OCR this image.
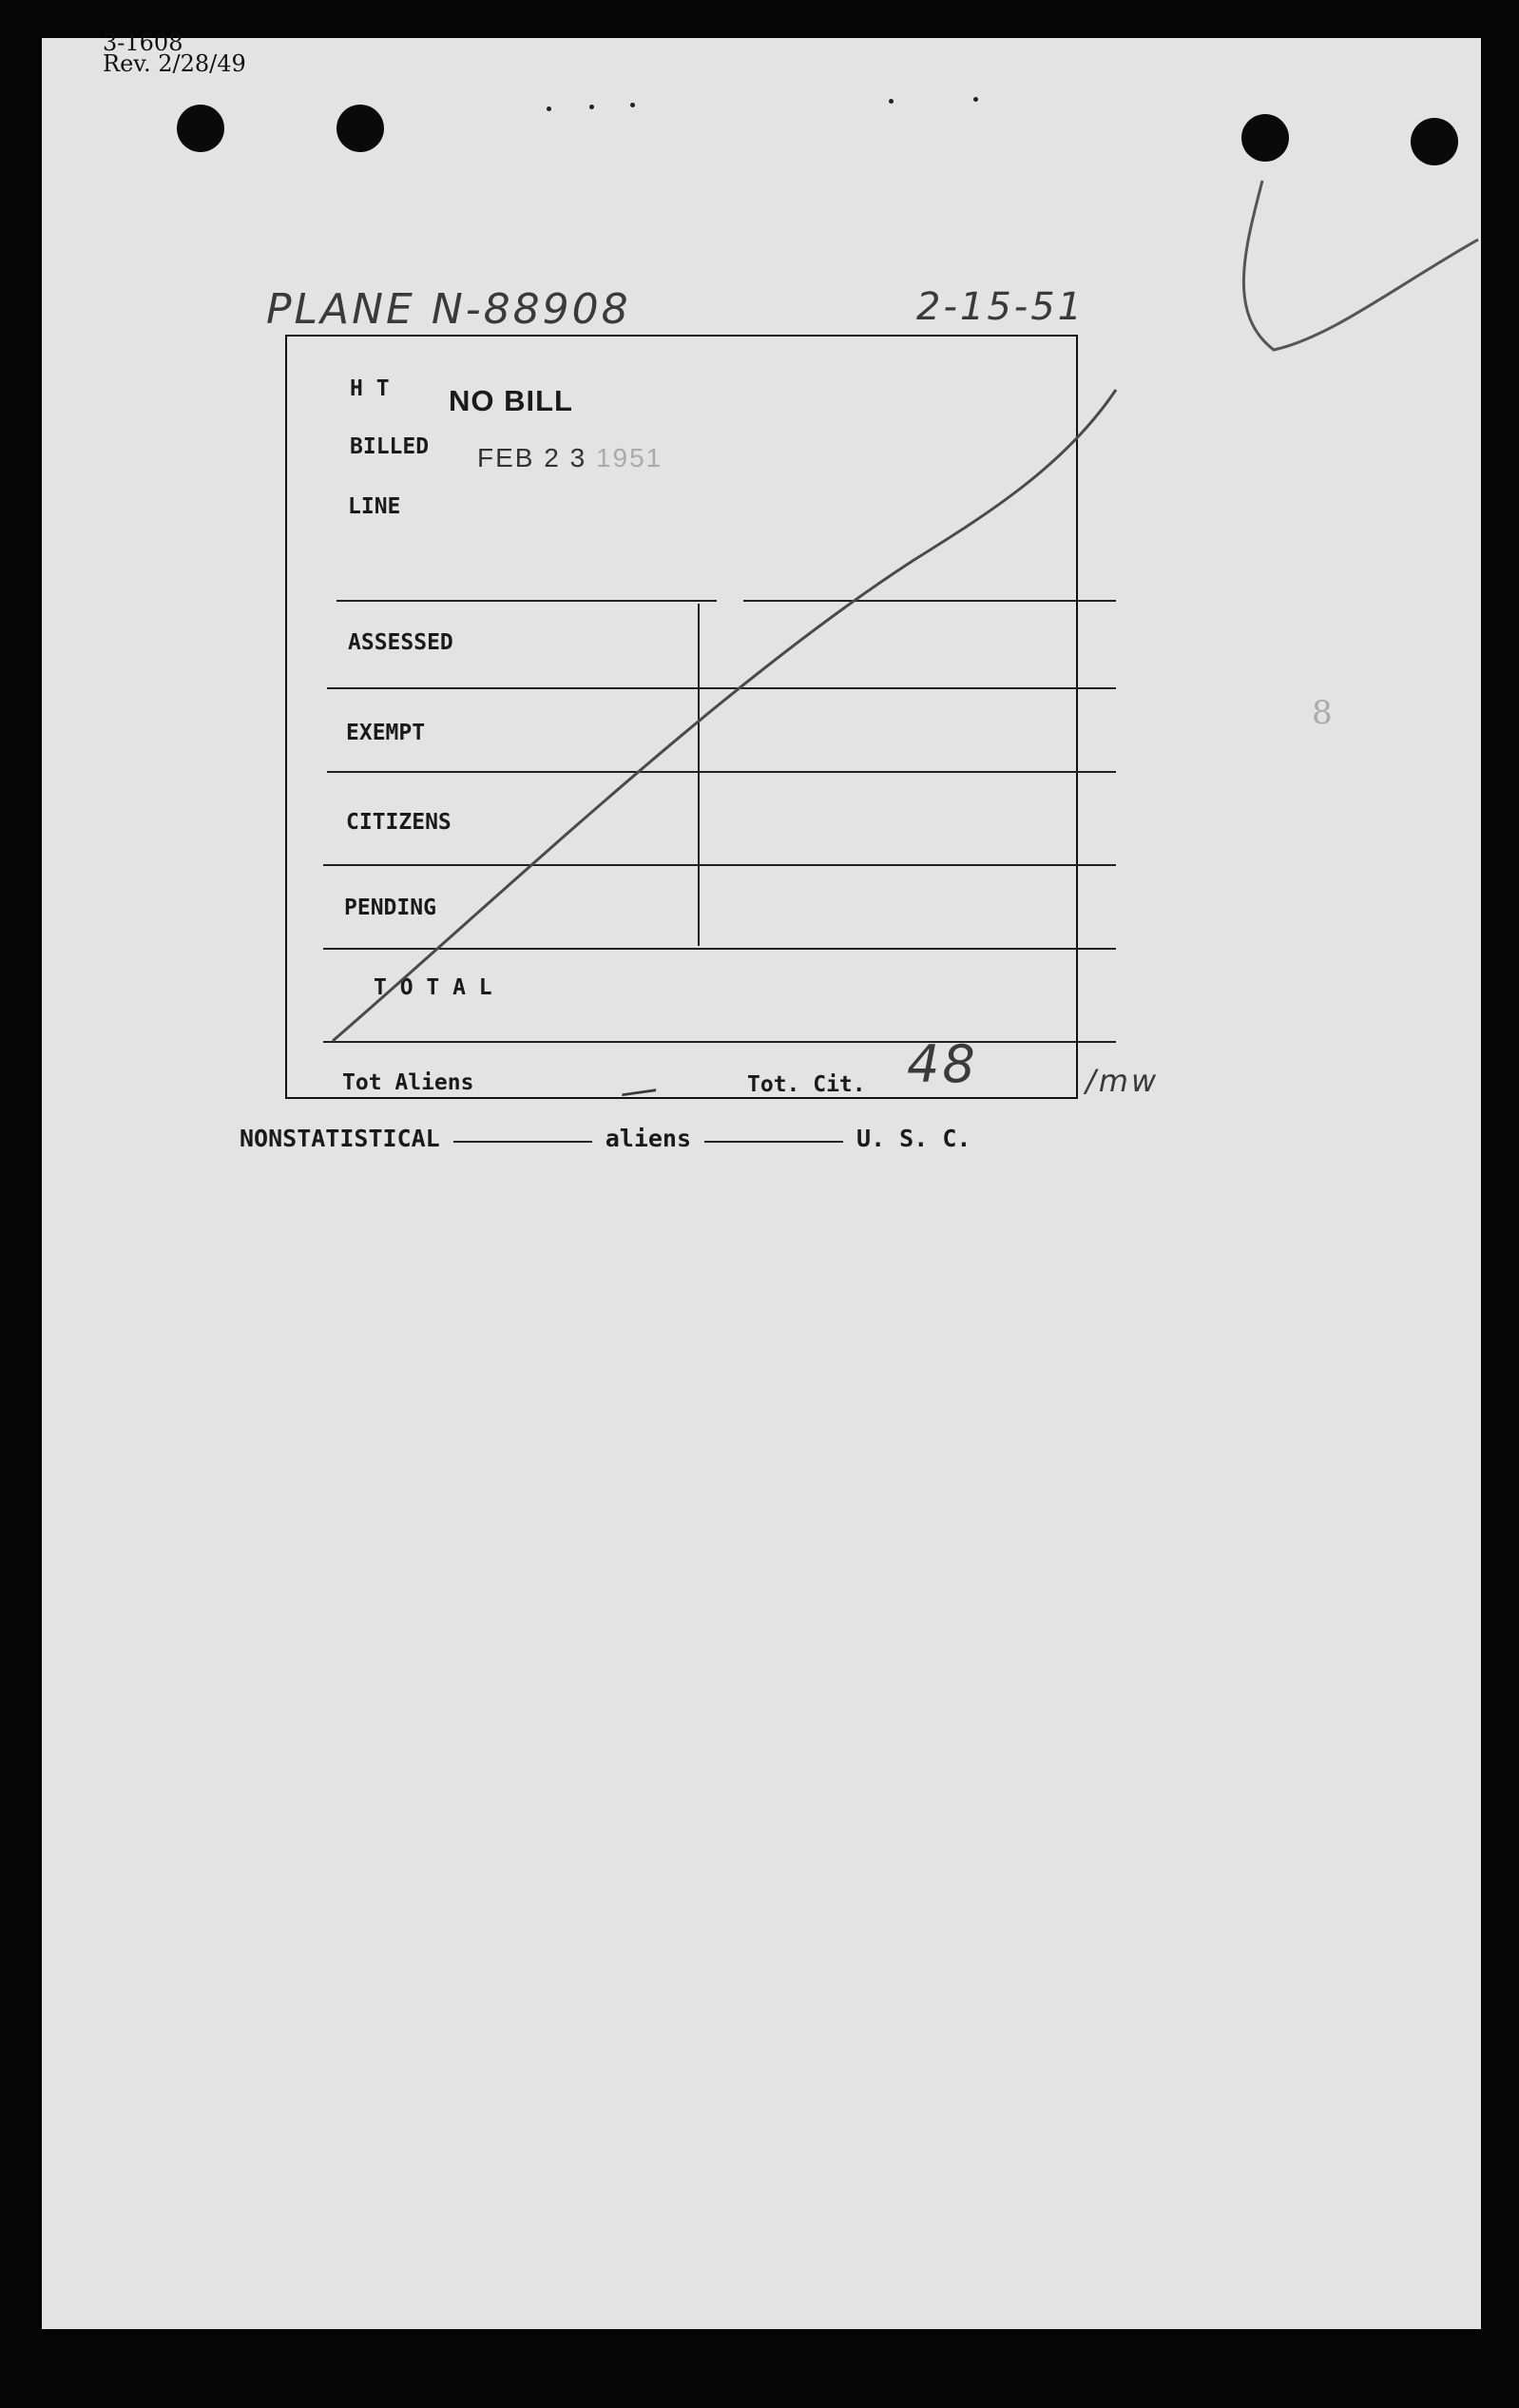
3-1608
Rev. 2/28/49
PLANE N-88908	2-15-51
H T
BILLED
LINE
NO BILL
FEB 2 3 1951
ASSESSED
EXEMPT
CITIZENS
PENDING
T O T A L
Tot Aliens	Tot. Cit.
—	48	/mw
8
NONSTATISTICAL	aliens	U. S. C.
